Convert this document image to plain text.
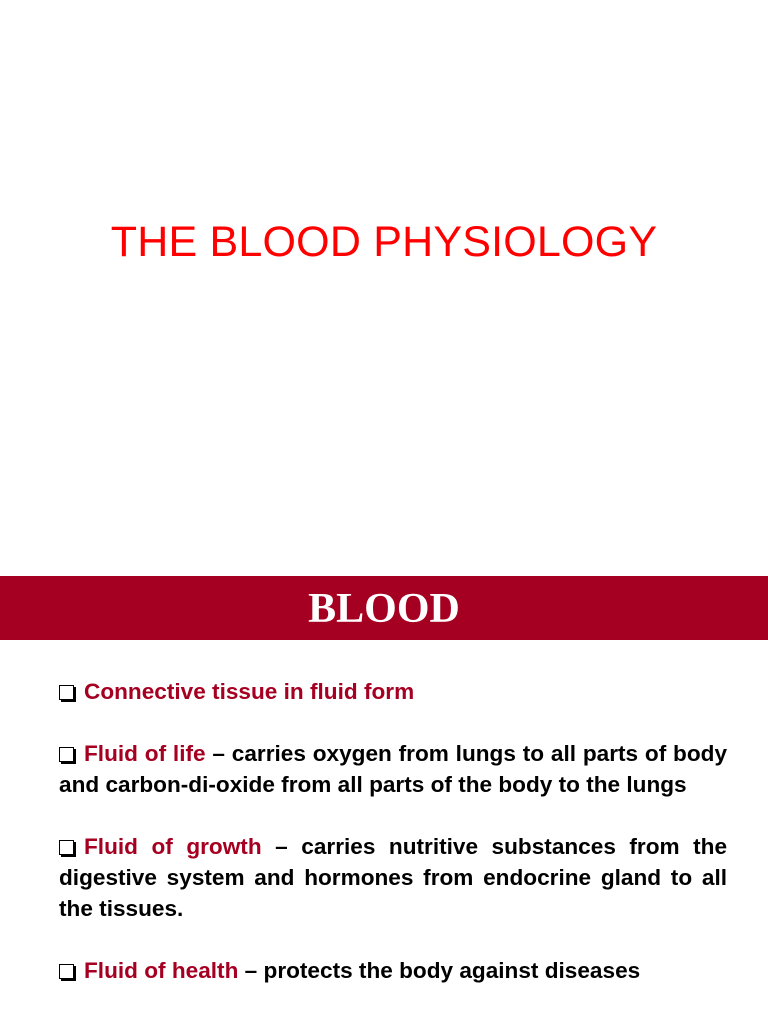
THE BLOOD PHYSIOLOGY
BLOOD

Connective tissue in fluid form

Fluid of life – carries oxygen from lungs to all parts of body and carbon-di-oxide from all parts of the body to the lungs

Fluid of growth – carries nutritive substances from the digestive system and hormones from endocrine gland to all the tissues.

Fluid of health – protects the body against diseases
